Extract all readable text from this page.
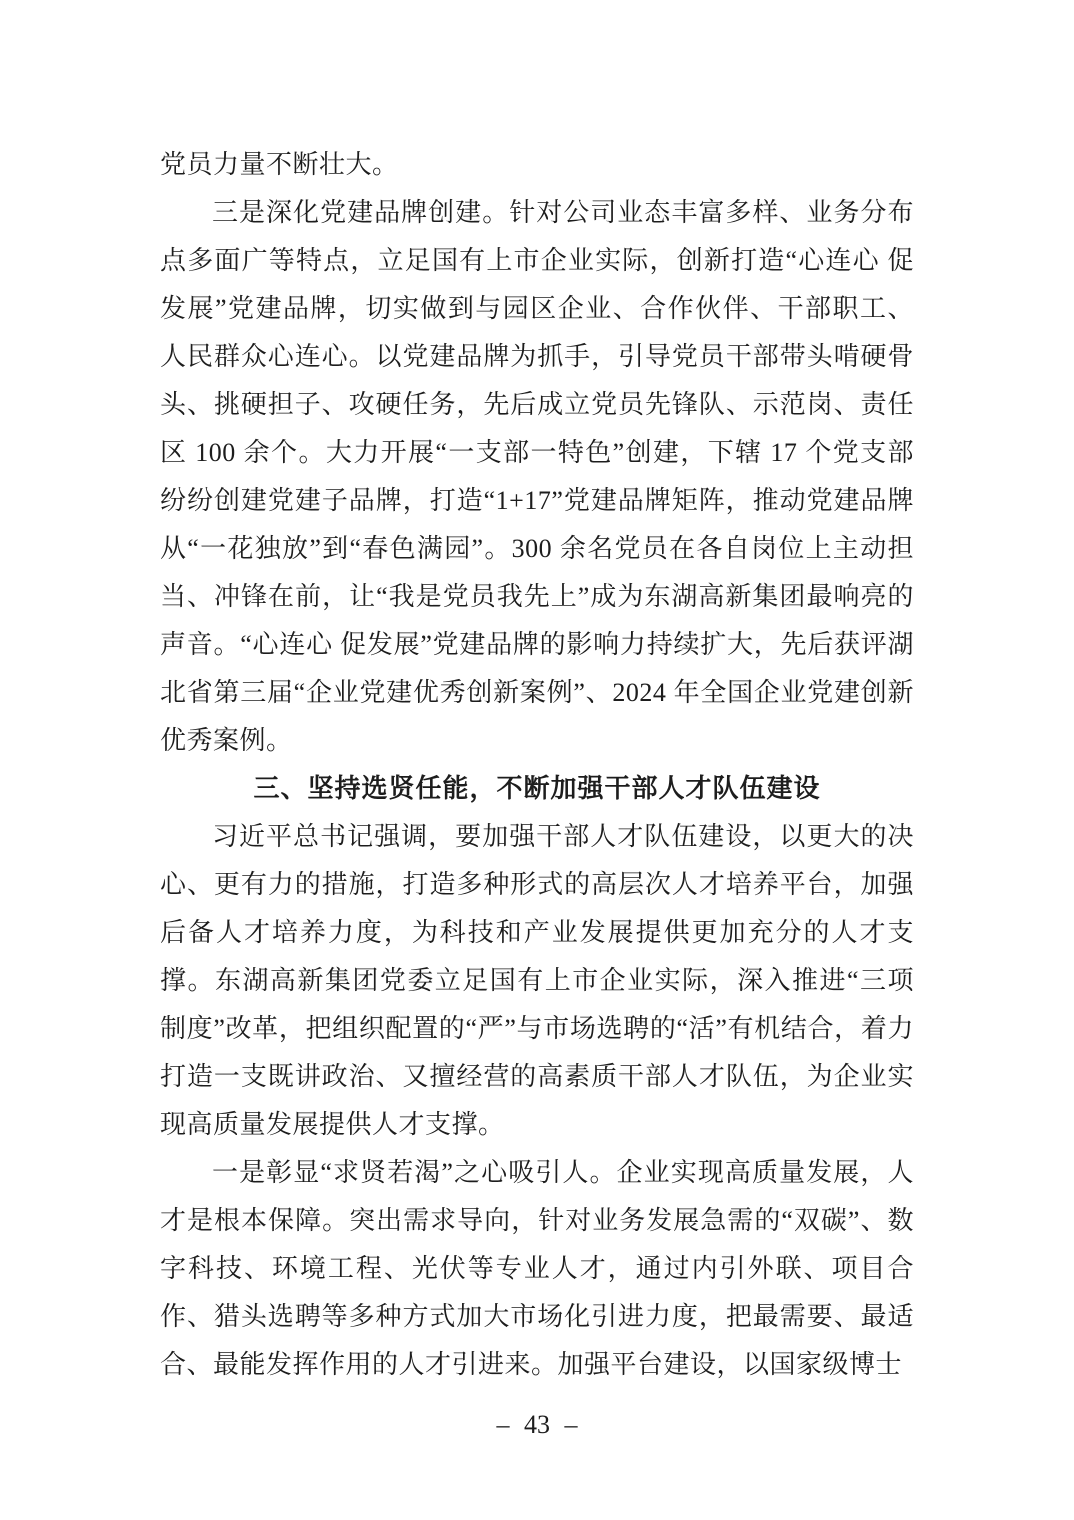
党员力量不断壮大。

三是深化党建品牌创建。针对公司业态丰富多样、业务分布点多面广等特点，立足国有上市企业实际，创新打造“心连心 促发展”党建品牌，切实做到与园区企业、合作伙伴、干部职工、人民群众心连心。以党建品牌为抓手，引导党员干部带头啃硬骨头、挑硬担子、攻硬任务，先后成立党员先锋队、示范岗、责任区 100 余个。大力开展“一支部一特色”创建，下辖 17 个党支部纷纷创建党建子品牌，打造“1+17”党建品牌矩阵，推动党建品牌从“一花独放”到“春色满园”。300 余名党员在各自岗位上主动担当、冲锋在前，让“我是党员我先上”成为东湖高新集团最响亮的声音。“心连心 促发展”党建品牌的影响力持续扩大，先后获评湖北省第三届“企业党建优秀创新案例”、2024 年全国企业党建创新优秀案例。

三、坚持选贤任能，不断加强干部人才队伍建设

习近平总书记强调，要加强干部人才队伍建设，以更大的决心、更有力的措施，打造多种形式的高层次人才培养平台，加强后备人才培养力度，为科技和产业发展提供更加充分的人才支撑。东湖高新集团党委立足国有上市企业实际，深入推进“三项制度”改革，把组织配置的“严”与市场选聘的“活”有机结合，着力打造一支既讲政治、又擅经营的高素质干部人才队伍，为企业实现高质量发展提供人才支撑。

一是彰显“求贤若渴”之心吸引人。企业实现高质量发展，人才是根本保障。突出需求导向，针对业务发展急需的“双碳”、数字科技、环境工程、光伏等专业人才，通过内引外联、项目合作、猎头选聘等多种方式加大市场化引进力度，把最需要、最适合、最能发挥作用的人才引进来。加强平台建设，以国家级博士

– 43 –
